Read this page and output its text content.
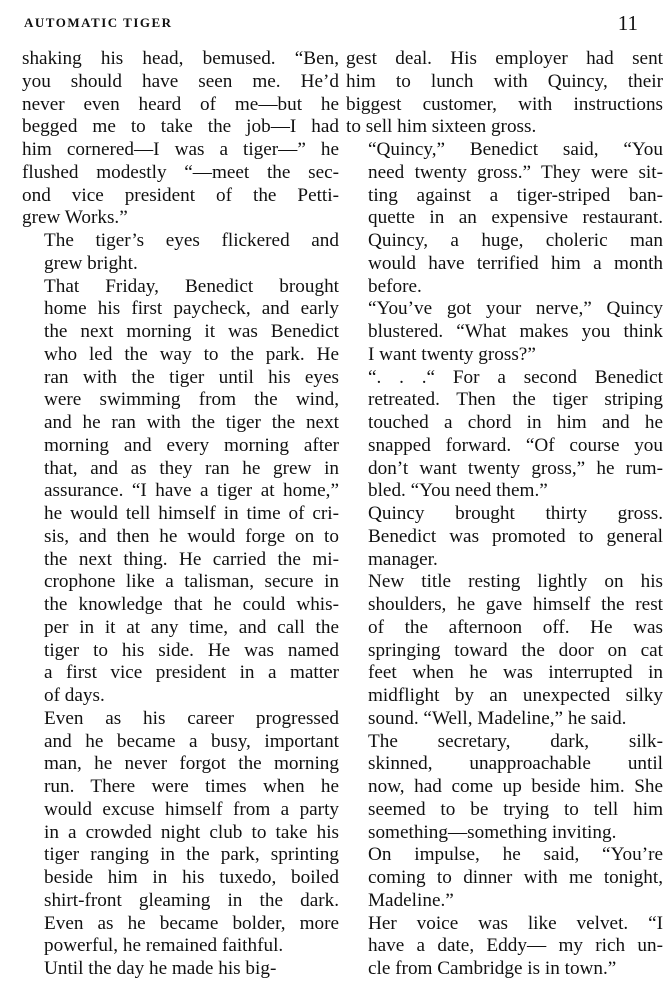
AUTOMATIC TIGER	11

shaking his head, bemused. “Ben,
you should have seen me. He’d
never even heard of me—but he
begged me to take the job—I had
him cornered—I was a tiger—” he
flushed modestly “—meet the sec-
ond vice president of the Petti-
grew Works.”

The tiger’s eyes flickered and
grew bright.

That Friday, Benedict brought
home his first paycheck, and early
the next morning it was Benedict
who led the way to the park. He
ran with the tiger until his eyes
were swimming from the wind,
and he ran with the tiger the next
morning and every morning after
that, and as they ran he grew in
assurance. “I have a tiger at home,”
he would tell himself in time of cri-
sis, and then he would forge on to
the next thing. He carried the mi-
crophone like a talisman, secure in
the knowledge that he could whis-
per in it at any time, and call the
tiger to his side. He was named
a first vice president in a matter
of days.

Even as his career progressed
and he became a busy, important
man, he never forgot the morning
run. There were times when he
would excuse himself from a party
in a crowded night club to take his
tiger ranging in the park, sprinting
beside him in his tuxedo, boiled
shirt-front gleaming in the dark.
Even as he became bolder, more
powerful, he remained faithful.

Until the day he made his big-

gest deal. His employer had sent
him to lunch with Quincy, their
biggest customer, with instructions
to sell him sixteen gross.

“Quincy,” Benedict said, “You
need twenty gross.” They were sit-
ting against a tiger-striped ban-
quette in an expensive restaurant.
Quincy, a huge, choleric man
would have terrified him a month
before.

“You’ve got your nerve,” Quincy
blustered. “What makes you think
I want twenty gross?”

“. . .“ For a second Benedict
retreated. Then the tiger striping
touched a chord in him and he
snapped forward. “Of course you
don’t want twenty gross,” he rum-
bled. “You need them.”

Quincy brought thirty gross.
Benedict was promoted to general
manager.

New title resting lightly on his
shoulders, he gave himself the rest
of the afternoon off. He was
springing toward the door on cat
feet when he was interrupted in
midflight by an unexpected silky
sound. “Well, Madeline,” he said.

The secretary, dark, silk-
skinned, unapproachable until
now, had come up beside him. She
seemed to be trying to tell him
something—something inviting.

On impulse, he said, “You’re
coming to dinner with me tonight,
Madeline.”

Her voice was like velvet. “I
have a date, Eddy— my rich un-
cle from Cambridge is in town.”
